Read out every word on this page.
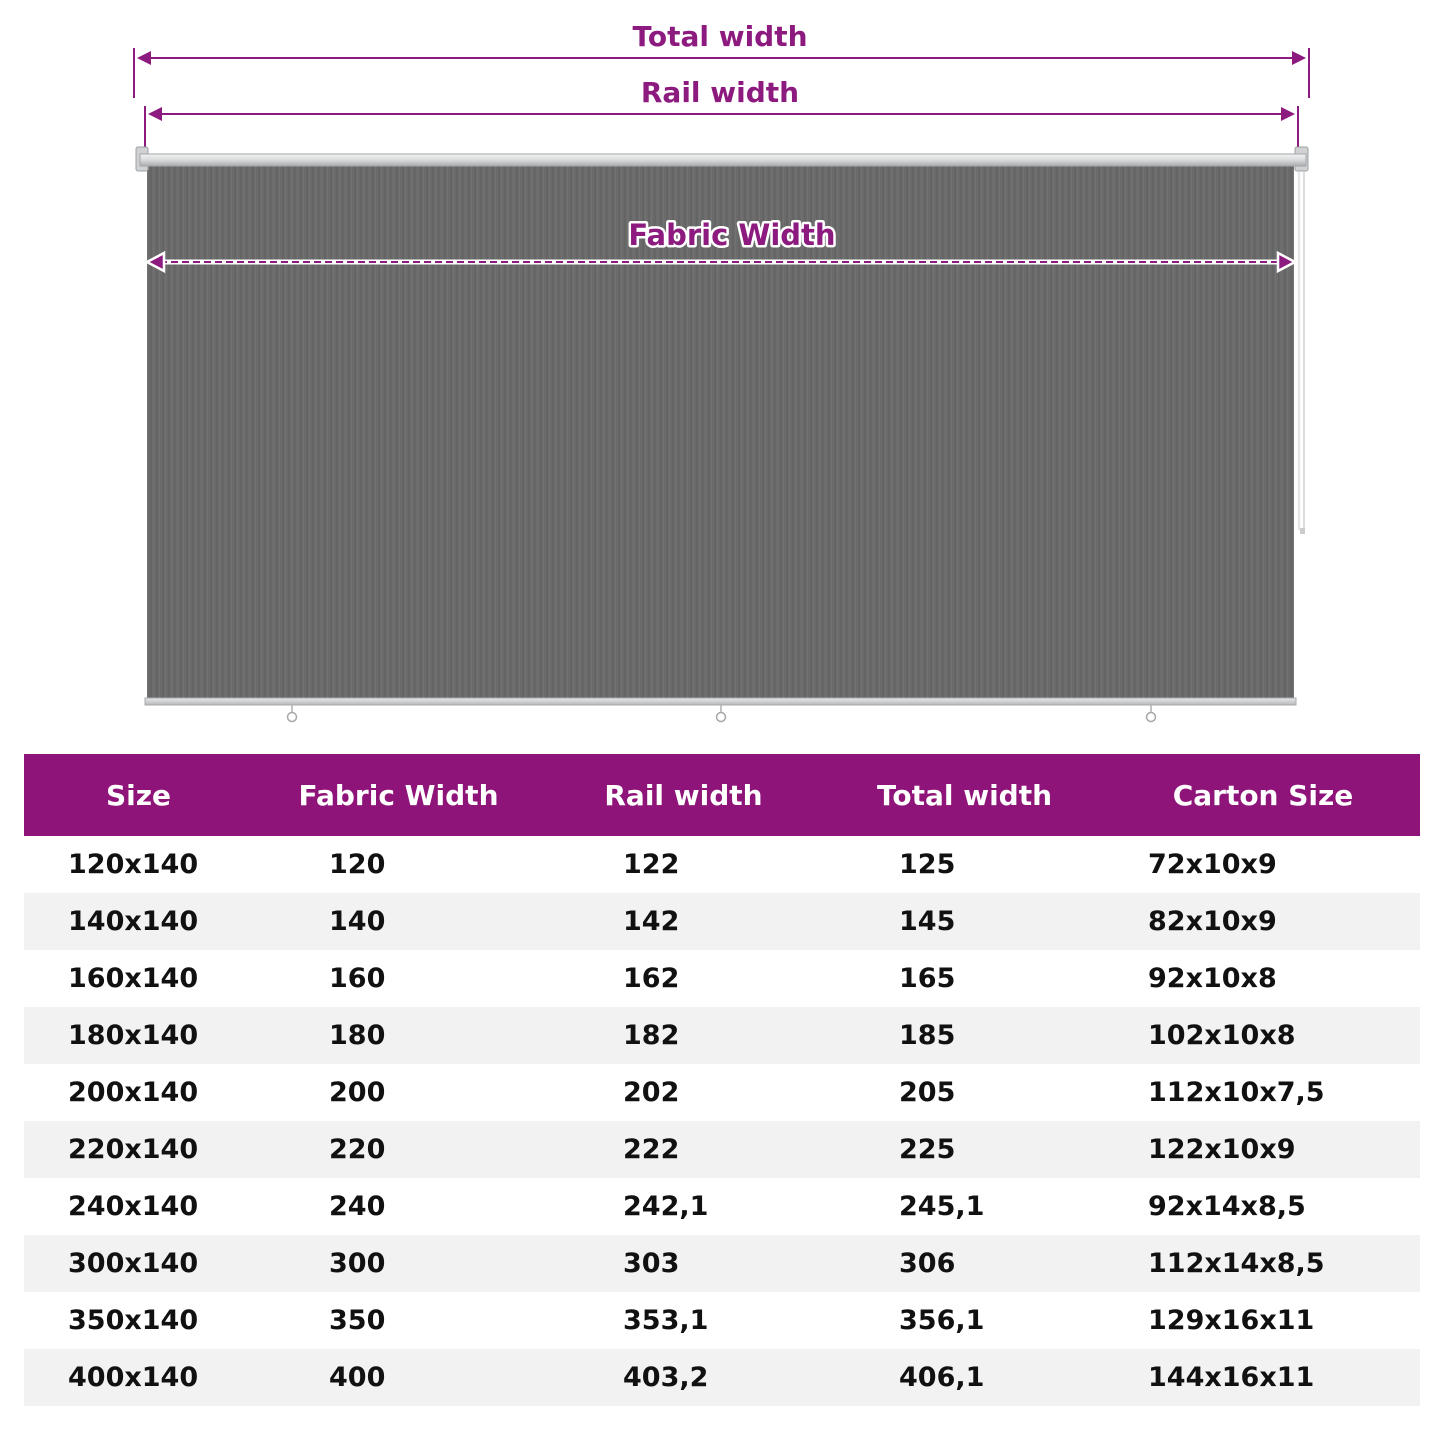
Total width
Rail width
Fabric Width
Size	Fabric Width	Rail width	Total width	Carton Size
120x140	120	122	125	72x10x9
140x140	140	142	145	82x10x9
160x140	160	162	165	92x10x8
180x140	180	182	185	102x10x8
200x140	200	202	205	112x10x7,5
220x140	220	222	225	122x10x9
240x140	240	242,1	245,1	92x14x8,5
300x140	300	303	306	112x14x8,5
350x140	350	353,1	356,1	129x16x11
400x140	400	403,2	406,1	144x16x11
